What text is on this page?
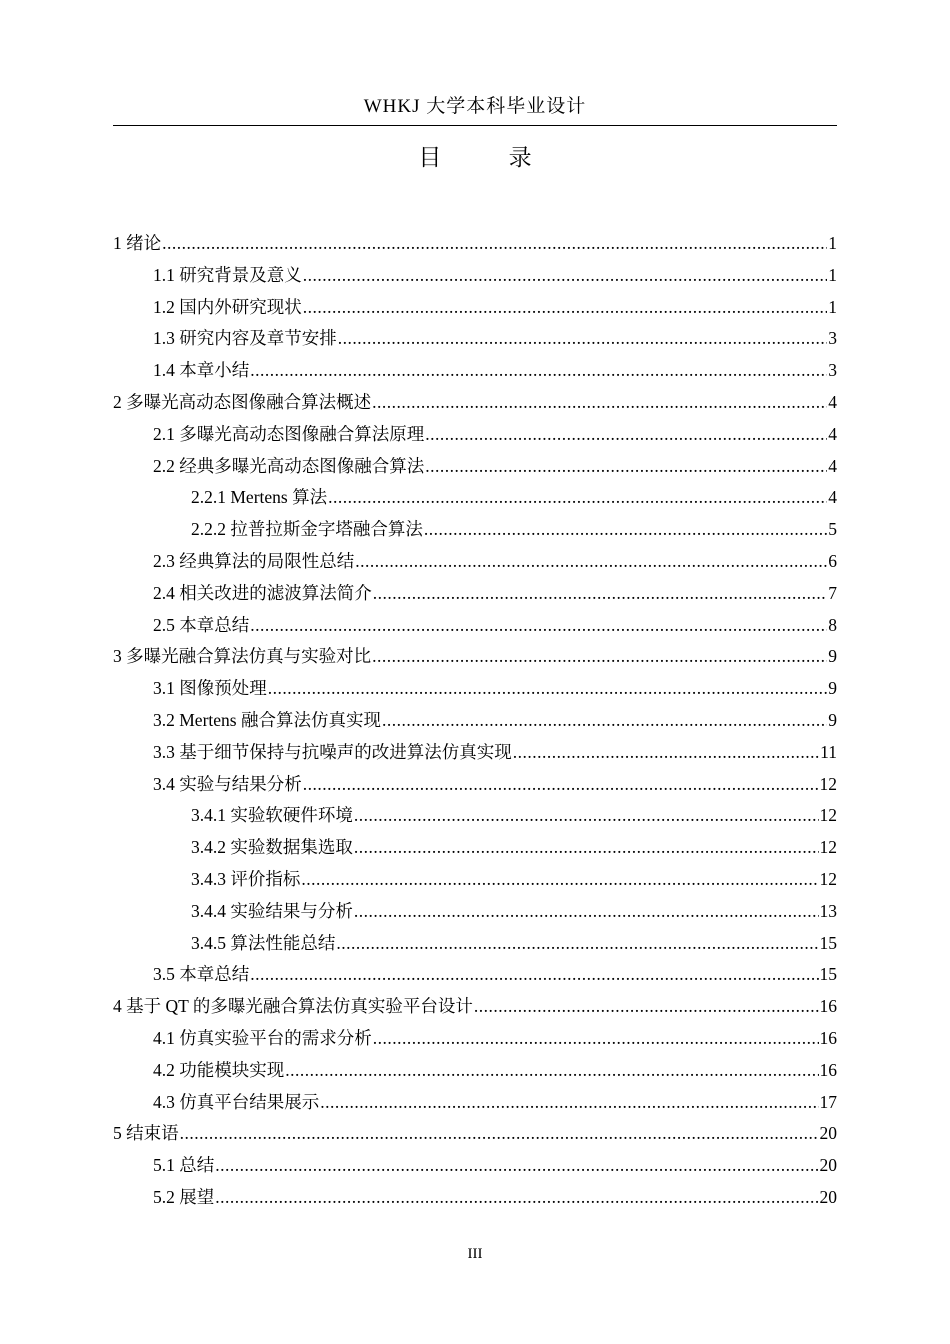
WHKJ 大学本科毕业设计
目 录
1 绪论 .....	1
1.1 研究背景及意义 .....	1
1.2 国内外研究现状 .....	1
1.3 研究内容及章节安排 .....	3
1.4 本章小结 .....	3
2 多曝光高动态图像融合算法概述 .....	4
2.1 多曝光高动态图像融合算法原理 .....	4
2.2 经典多曝光高动态图像融合算法 .....	4
2.2.1 Mertens 算法 .....	4
2.2.2 拉普拉斯金字塔融合算法 .....	5
2.3 经典算法的局限性总结 .....	6
2.4 相关改进的滤波算法简介 .....	7
2.5 本章总结 .....	8
3 多曝光融合算法仿真与实验对比 .....	9
3.1 图像预处理 .....	9
3.2 Mertens 融合算法仿真实现 .....	9
3.3 基于细节保持与抗噪声的改进算法仿真实现 .....	11
3.4 实验与结果分析 .....	12
3.4.1 实验软硬件环境 .....	12
3.4.2 实验数据集选取 .....	12
3.4.3 评价指标 .....	12
3.4.4 实验结果与分析 .....	13
3.4.5 算法性能总结 .....	15
3.5 本章总结 .....	15
4 基于 QT 的多曝光融合算法仿真实验平台设计 .....	16
4.1 仿真实验平台的需求分析 .....	16
4.2 功能模块实现 .....	16
4.3 仿真平台结果展示 .....	17
5 结束语 .....	20
5.1 总结 .....	20
5.2 展望 .....	20
III
